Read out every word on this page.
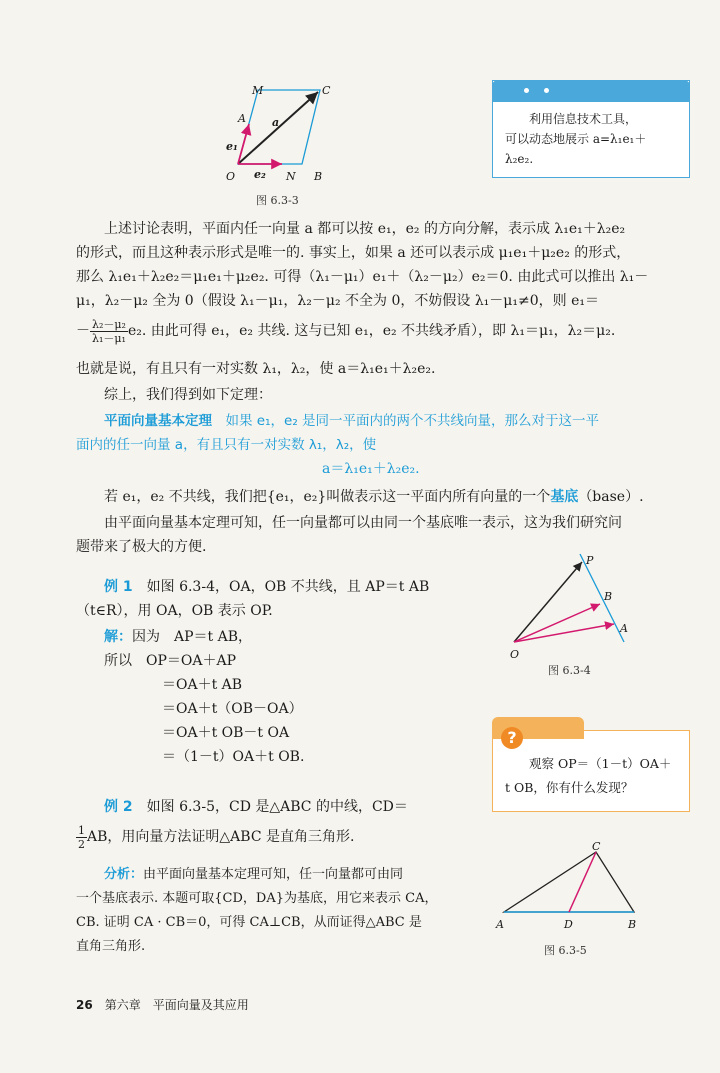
M	C
A a
e₁
e₂
O	N B
图 6.3-3
利用信息技术工具，
可以动态地展示 a=λ₁e₁＋
λ₂e₂.
上述讨论表明，平面内任一向量 a 都可以按 e₁，e₂ 的方向分解，表示成 λ₁e₁＋λ₂e₂
的形式，而且这种表示形式是唯一的. 事实上，如果 a 还可以表示成 μ₁e₁＋μ₂e₂ 的形式，
那么 λ₁e₁＋λ₂e₂＝μ₁e₁＋μ₂e₂. 可得（λ₁－μ₁）e₁＋（λ₂－μ₂）e₂＝0. 由此式可以推出 λ₁－
μ₁，λ₂－μ₂ 全为 0（假设 λ₁－μ₁，λ₂－μ₂ 不全为 0，不妨假设 λ₁－μ₁≠0，则 e₁＝
－ $\frac{\text{λ₂－μ₂}}{\text{λ₁－μ₁}} e_2$. 由此可得 e₁，e₂ 共线. 这与已知 e₁，e₂ 不共线矛盾），即 λ₁＝μ₁，λ₂＝μ₂.
也就是说，有且只有一对实数 λ₁，λ₂，使 a＝λ₁e₁＋λ₂e₂.
综上，我们得到如下定理：
平面向量基本定理　 如果 e₁，e₂ 是同一平面内的两个不共线向量，那么对于这一平
面内的任一向量 a，有且只有一对实数 λ₁，λ₂，使
a＝λ₁e₁＋λ₂e₂.
若 e₁，e₂ 不共线，我们把{e₁，e₂}叫做表示这一平面内所有向量的一个基底（base）.
由平面向量基本定理可知，任一向量都可以由同一个基底唯一表示，这为我们研究问
题带来了极大的方便.
例 1　 如图 6.3-4，OA，OB 不共线，且 AP＝t AB
（t∈R），用 OA，OB 表示 OP.
解：因为　AP＝t AB，
所以　OP＝OA＋AP
＝OA＋t AB
＝OA＋t（OB－OA）
＝OA＋t OB－t OA
＝（1－t）OA＋t OB.
P
B
A
O
图 6.3-4
?
观察 OP＝（1－t）OA＋
t OB，你有什么发现？
例 2　 如图 6.3-5，CD 是△ABC 的中线，CD＝
$\frac{1}{2}$ AB，用向量方法证明△ABC 是直角三角形.
分析：由平面向量基本定理可知，任一向量都可由同
一个基底表示. 本题可取{CD，DA}为基底，用它来表示 CA，
CB. 证明 CA · CB＝0，可得 CA⊥CB，从而证得△ABC 是
直角三角形.
C
A	D	B
图 6.3-5
26　 第六章　 平面向量及其应用
